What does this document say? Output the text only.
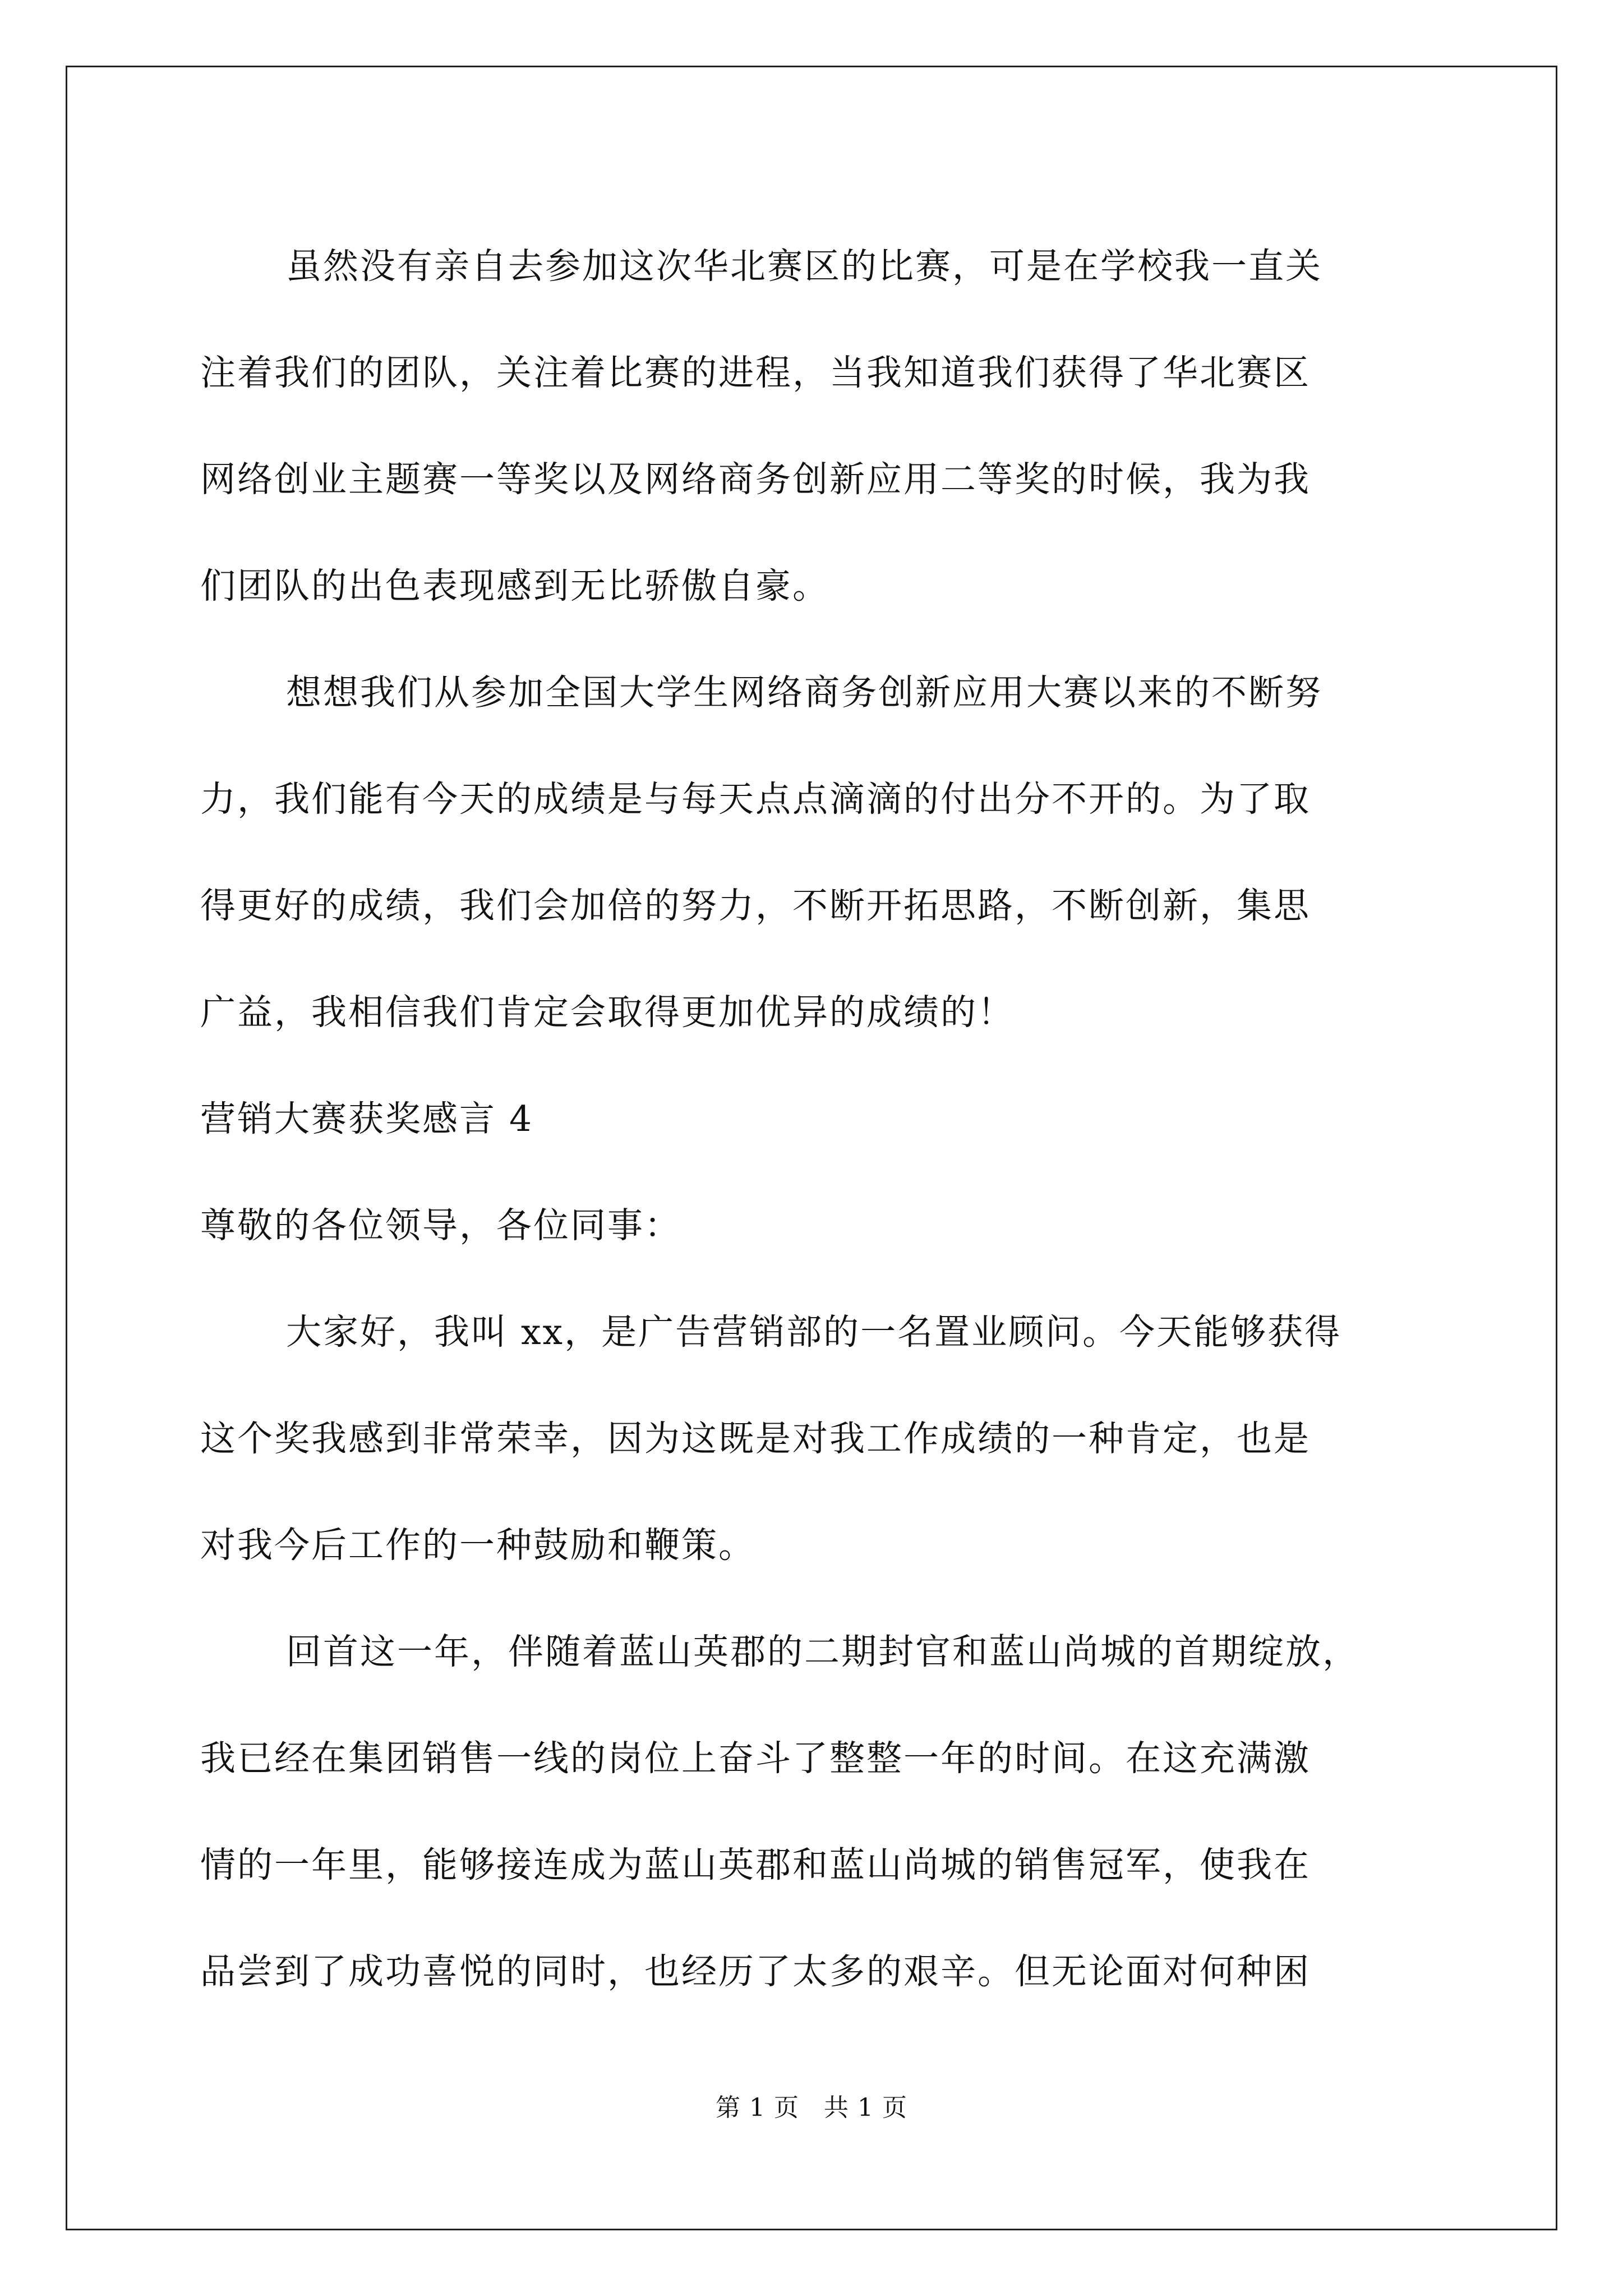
虽然没有亲自去参加这次华北赛区的比赛，可是在学校我一直关
注着我们的团队，关注着比赛的进程，当我知道我们获得了华北赛区
网络创业主题赛一等奖以及网络商务创新应用二等奖的时候，我为我
们团队的出色表现感到无比骄傲自豪。
想想我们从参加全国大学生网络商务创新应用大赛以来的不断努
力，我们能有今天的成绩是与每天点点滴滴的付出分不开的。为了取
得更好的成绩，我们会加倍的努力，不断开拓思路，不断创新，集思
广益，我相信我们肯定会取得更加优异的成绩的！
营销大赛获奖感言 4
尊敬的各位领导，各位同事：
大家好，我叫 xx，是广告营销部的一名置业顾问。今天能够获得
这个奖我感到非常荣幸，因为这既是对我工作成绩的一种肯定，也是
对我今后工作的一种鼓励和鞭策。
回首这一年，伴随着蓝山英郡的二期封官和蓝山尚城的首期绽放，
我已经在集团销售一线的岗位上奋斗了整整一年的时间。在这充满激
情的一年里，能够接连成为蓝山英郡和蓝山尚城的销售冠军，使我在
品尝到了成功喜悦的同时，也经历了太多的艰辛。但无论面对何种困
第 1 页 共 1 页
